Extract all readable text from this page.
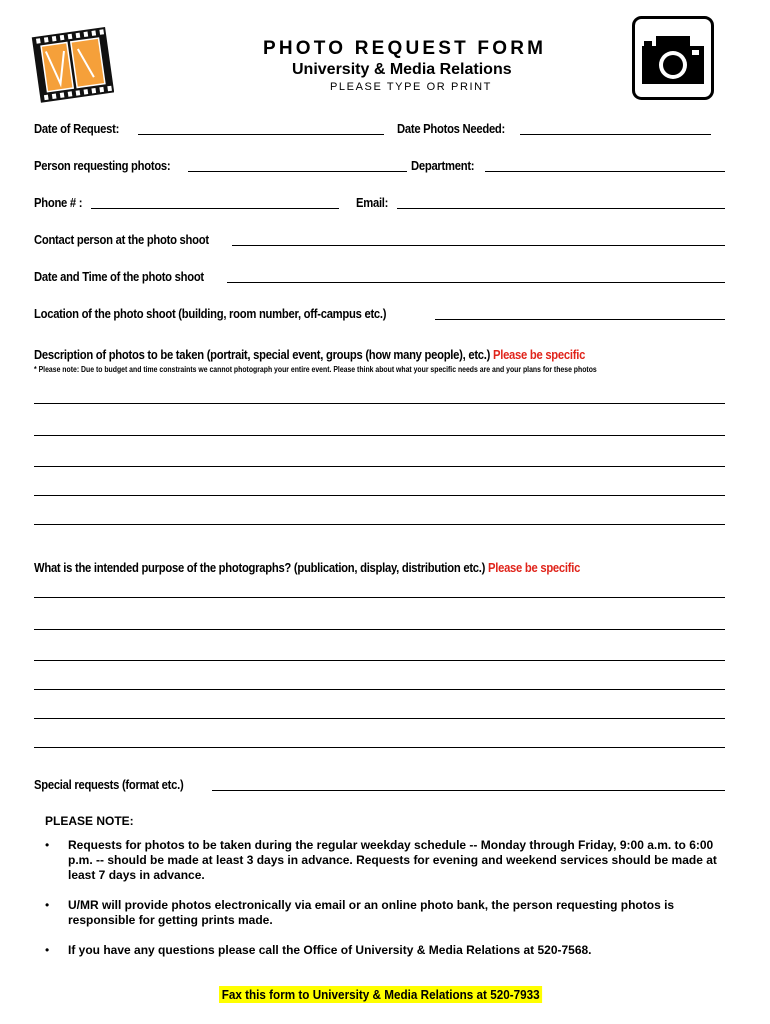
PHOTO REQUEST FORM
University & Media Relations
PLEASE TYPE OR PRINT
Date of Request:	Date Photos Needed:
Person requesting photos:	Department:
Phone # :	Email:
Contact person at the photo shoot
Date and Time of the photo shoot
Location of the photo shoot (building, room number, off-campus etc.)
Description of photos to be taken (portrait, special event, groups (how many people), etc.) Please be specific
* Please note: Due to budget and time constraints we cannot photograph your entire event. Please think about what your specific needs are and your plans for these photos
What is the intended purpose of the photographs? (publication, display, distribution etc.) Please be specific
Special requests (format etc.)
PLEASE NOTE:
• Requests for photos to be taken during the regular weekday schedule -- Monday through Friday, 9:00 a.m. to 6:00 p.m. -- should be made at least 3 days in advance. Requests for evening and weekend services should be made at least 7 days in advance.
• U/MR will provide photos electronically via email or an online photo bank, the person requesting photos is responsible for getting prints made.
• If you have any questions please call the Office of University & Media Relations at 520-7568.
Fax this form to University & Media Relations at 520-7933
